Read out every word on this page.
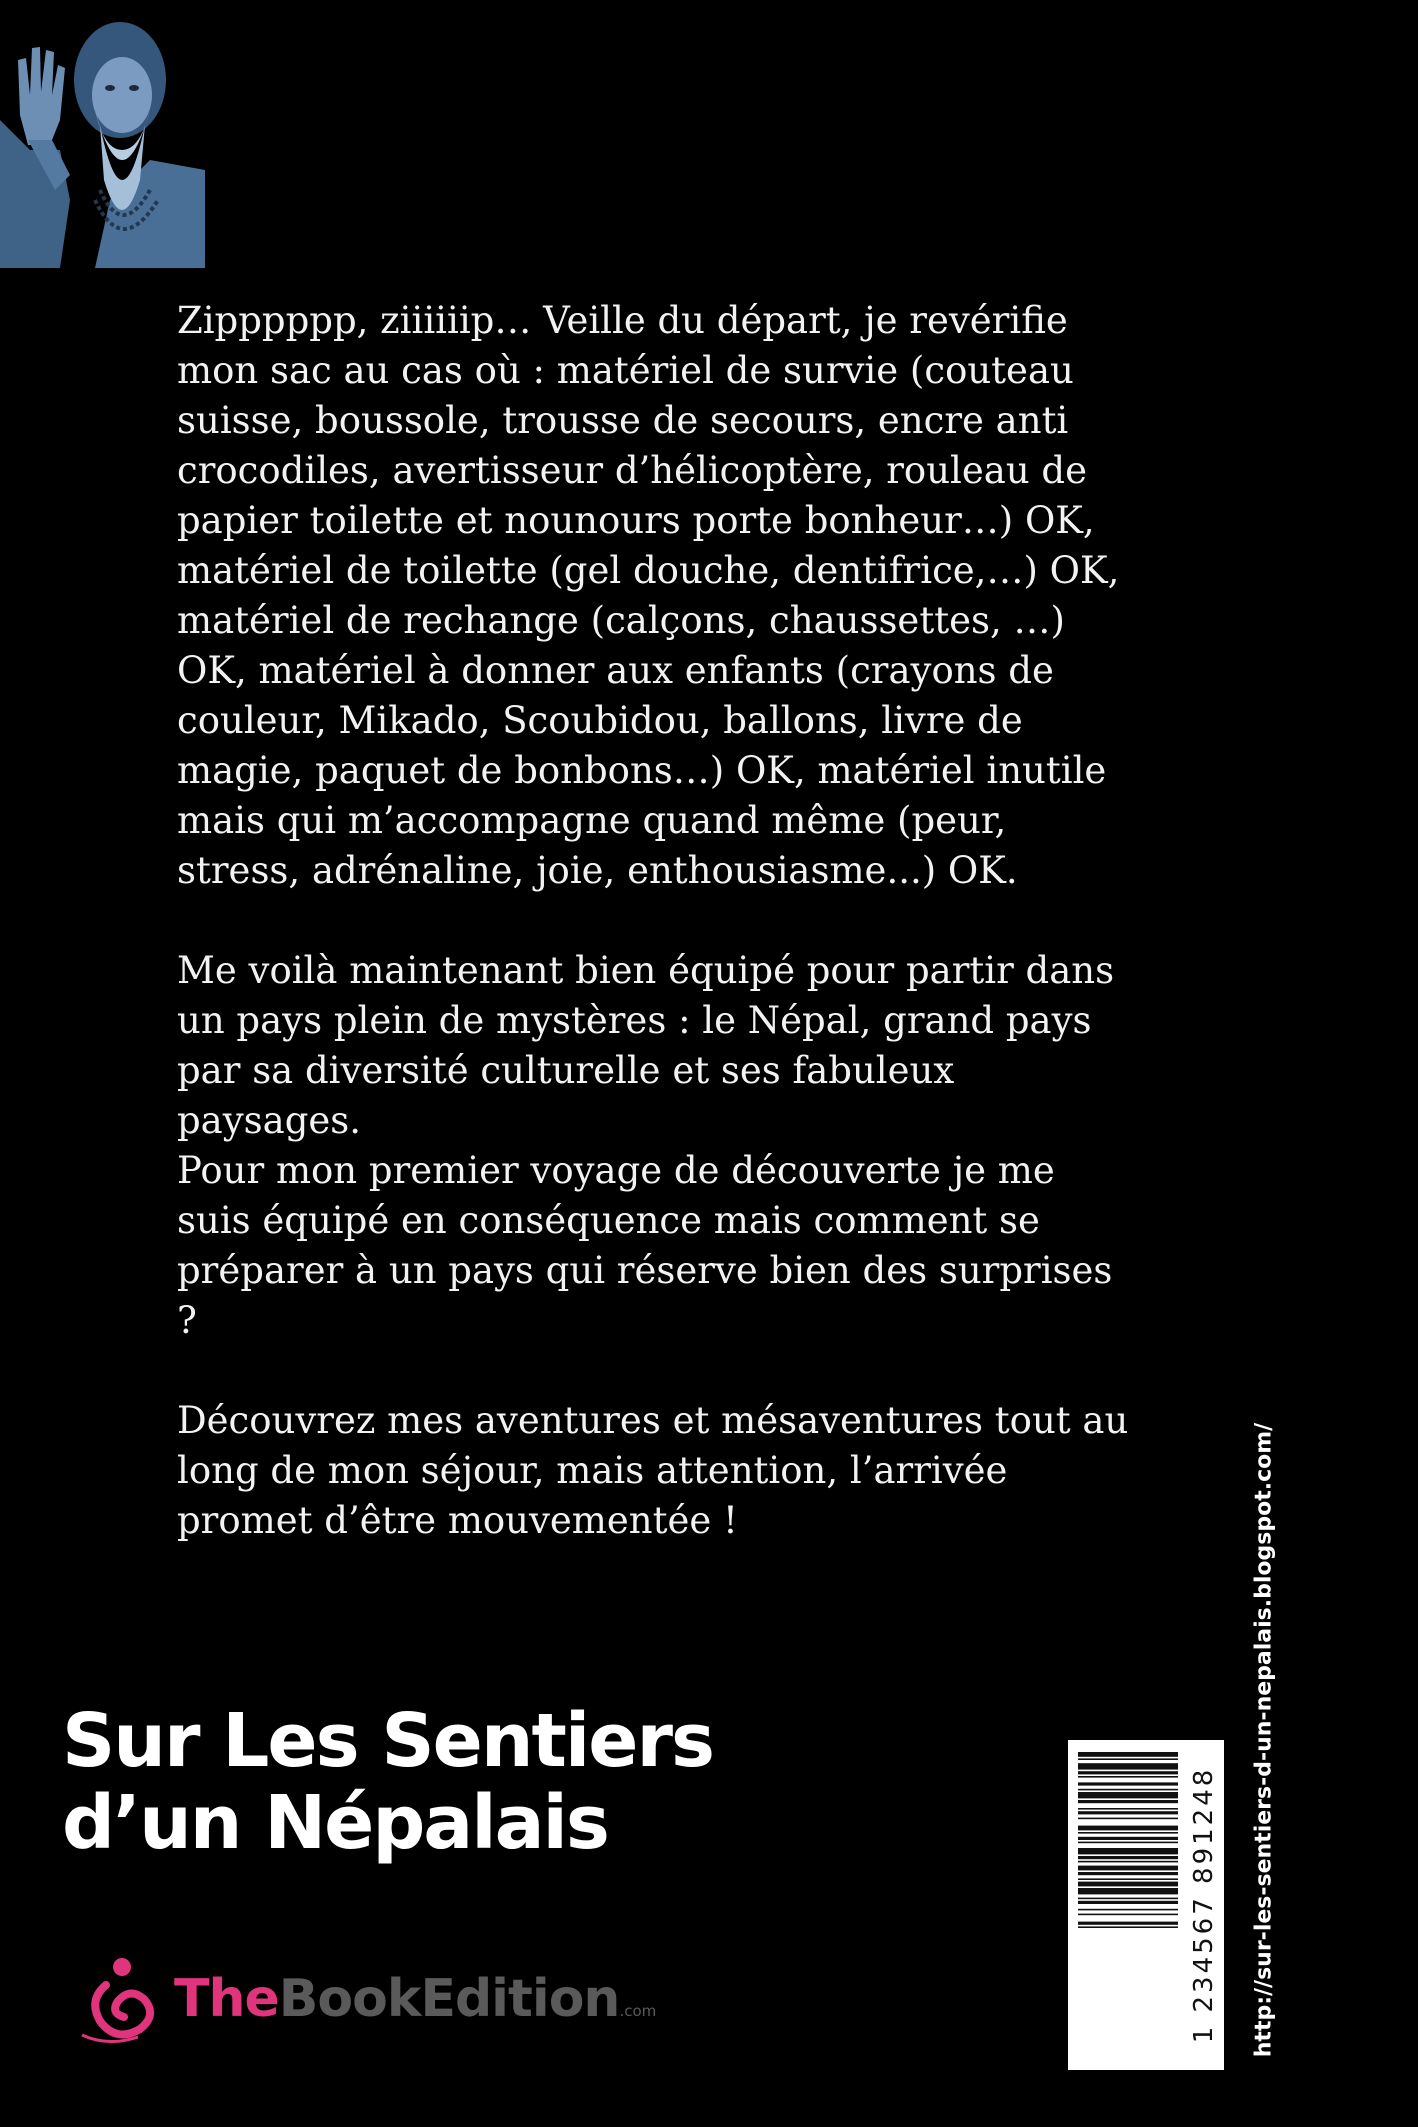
Zipppppp, ziiiiiip… Veille du départ, je revérifie mon sac au cas où : matériel de survie (couteau suisse, boussole, trousse de secours, encre anti crocodiles, avertisseur d’hélicoptère, rouleau de papier toilette et nounours porte bonheur…) OK, matériel de toilette (gel douche, dentifrice,…) OK, matériel de rechange (calçons, chaussettes, …) OK, matériel à donner aux enfants (crayons de couleur, Mikado, Scoubidou, ballons, livre de magie, paquet de bonbons…) OK, matériel inutile mais qui m’accompagne quand même (peur, stress, adrénaline, joie, enthousiasme...) OK.

Me voilà maintenant bien équipé pour partir dans un pays plein de mystères : le Népal, grand pays par sa diversité culturelle et ses fabuleux paysages.

Pour mon premier voyage de découverte je me suis équipé en conséquence mais comment se préparer à un pays qui réserve bien des surprises ?

Découvrez mes aventures et mésaventures tout au long de mon séjour, mais attention, l’arrivée promet d’être mouvementée !

Sur Les Sentiers
d’un Népalais
TheBookEdition.com	1 234567 891248 http://sur-les-sentiers-d-un-nepalais.blogspot.com/
